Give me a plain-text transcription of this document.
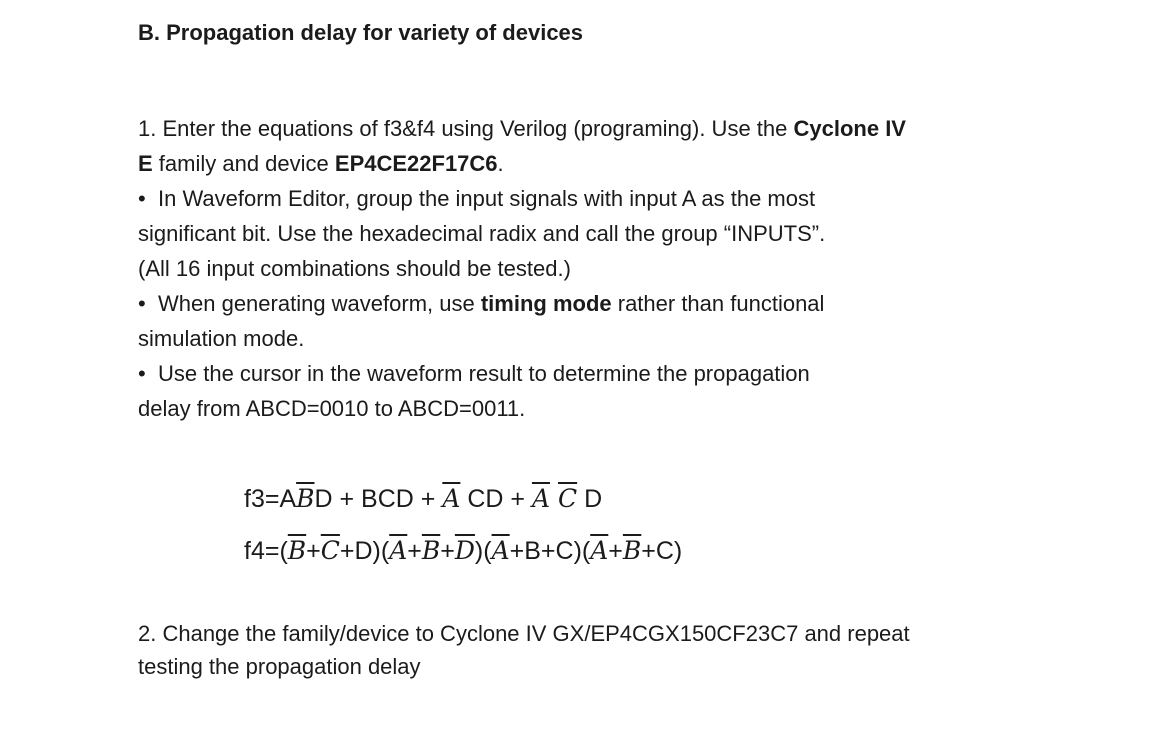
B. Propagation delay for variety of devices
1. Enter the equations of f3&f4 using Verilog (programing). Use the Cyclone IV
E family and device EP4CE22F17C6.
• In Waveform Editor, group the input signals with input A as the most
significant bit. Use the hexadecimal radix and call the group “INPUTS”.
(All 16 input combinations should be tested.)
• When generating waveform, use timing mode rather than functional
simulation mode.
• Use the cursor in the waveform result to determine the propagation
delay from ABCD=0010 to ABCD=0011.
$f3=A\overline{B}D$ + BCD + $\overline{A}$ CD + $\overline{A}$ $\overline{C}$ D
$f4=(\overline{B}+\overline{C}+D)(\overline{A}+\overline{B}+\overline{D})(\overline{A}+B+C)(\overline{A}+\overline{B}+C)$
2. Change the family/device to Cyclone IV GX/EP4CGX150CF23C7 and repeat
testing the propagation delay
